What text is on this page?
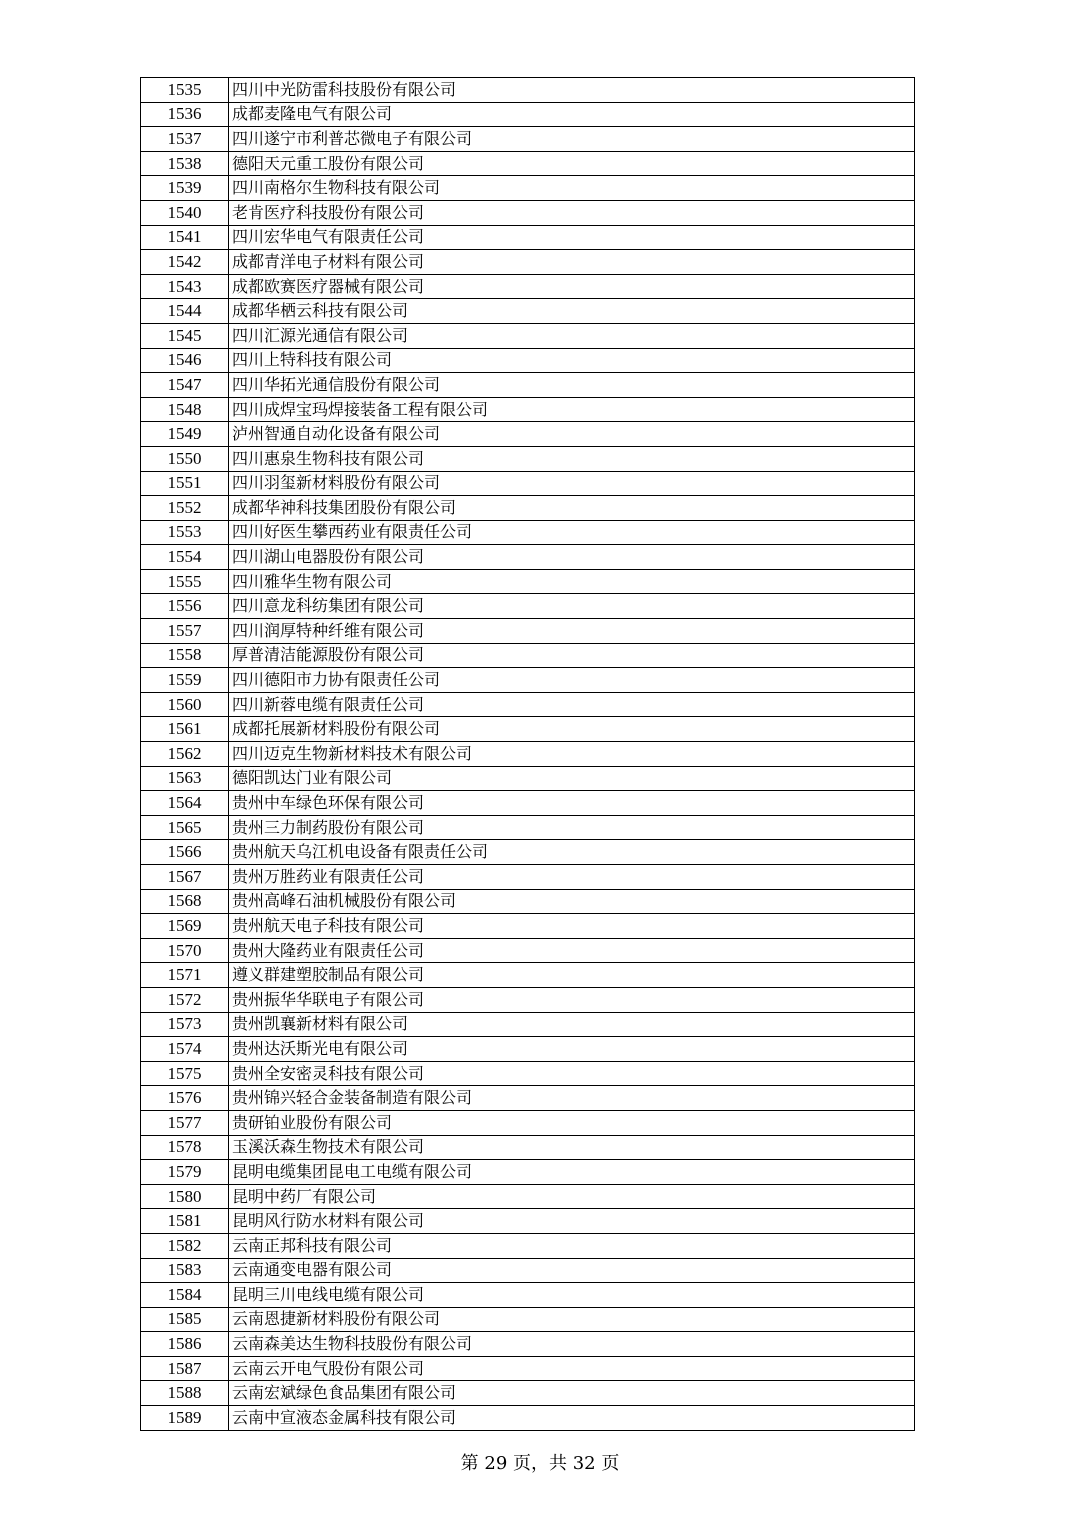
1535	四川中光防雷科技股份有限公司
1536	成都麦隆电气有限公司
1537	四川遂宁市利普芯微电子有限公司
1538	德阳天元重工股份有限公司
1539	四川南格尔生物科技有限公司
1540	老肯医疗科技股份有限公司
1541	四川宏华电气有限责任公司
1542	成都青洋电子材料有限公司
1543	成都欧赛医疗器械有限公司
1544	成都华栖云科技有限公司
1545	四川汇源光通信有限公司
1546	四川上特科技有限公司
1547	四川华拓光通信股份有限公司
1548	四川成焊宝玛焊接装备工程有限公司
1549	泸州智通自动化设备有限公司
1550	四川惠泉生物科技有限公司
1551	四川羽玺新材料股份有限公司
1552	成都华神科技集团股份有限公司
1553	四川好医生攀西药业有限责任公司
1554	四川湖山电器股份有限公司
1555	四川雅华生物有限公司
1556	四川意龙科纺集团有限公司
1557	四川润厚特种纤维有限公司
1558	厚普清洁能源股份有限公司
1559	四川德阳市力协有限责任公司
1560	四川新蓉电缆有限责任公司
1561	成都托展新材料股份有限公司
1562	四川迈克生物新材料技术有限公司
1563	德阳凯达门业有限公司
1564	贵州中车绿色环保有限公司
1565	贵州三力制药股份有限公司
1566	贵州航天乌江机电设备有限责任公司
1567	贵州万胜药业有限责任公司
1568	贵州高峰石油机械股份有限公司
1569	贵州航天电子科技有限公司
1570	贵州大隆药业有限责任公司
1571	遵义群建塑胶制品有限公司
1572	贵州振华华联电子有限公司
1573	贵州凯襄新材料有限公司
1574	贵州达沃斯光电有限公司
1575	贵州全安密灵科技有限公司
1576	贵州锦兴轻合金装备制造有限公司
1577	贵研铂业股份有限公司
1578	玉溪沃森生物技术有限公司
1579	昆明电缆集团昆电工电缆有限公司
1580	昆明中药厂有限公司
1581	昆明风行防水材料有限公司
1582	云南正邦科技有限公司
1583	云南通变电器有限公司
1584	昆明三川电线电缆有限公司
1585	云南恩捷新材料股份有限公司
1586	云南森美达生物科技股份有限公司
1587	云南云开电气股份有限公司
1588	云南宏斌绿色食品集团有限公司
1589	云南中宣液态金属科技有限公司
第 29 页，共 32 页
